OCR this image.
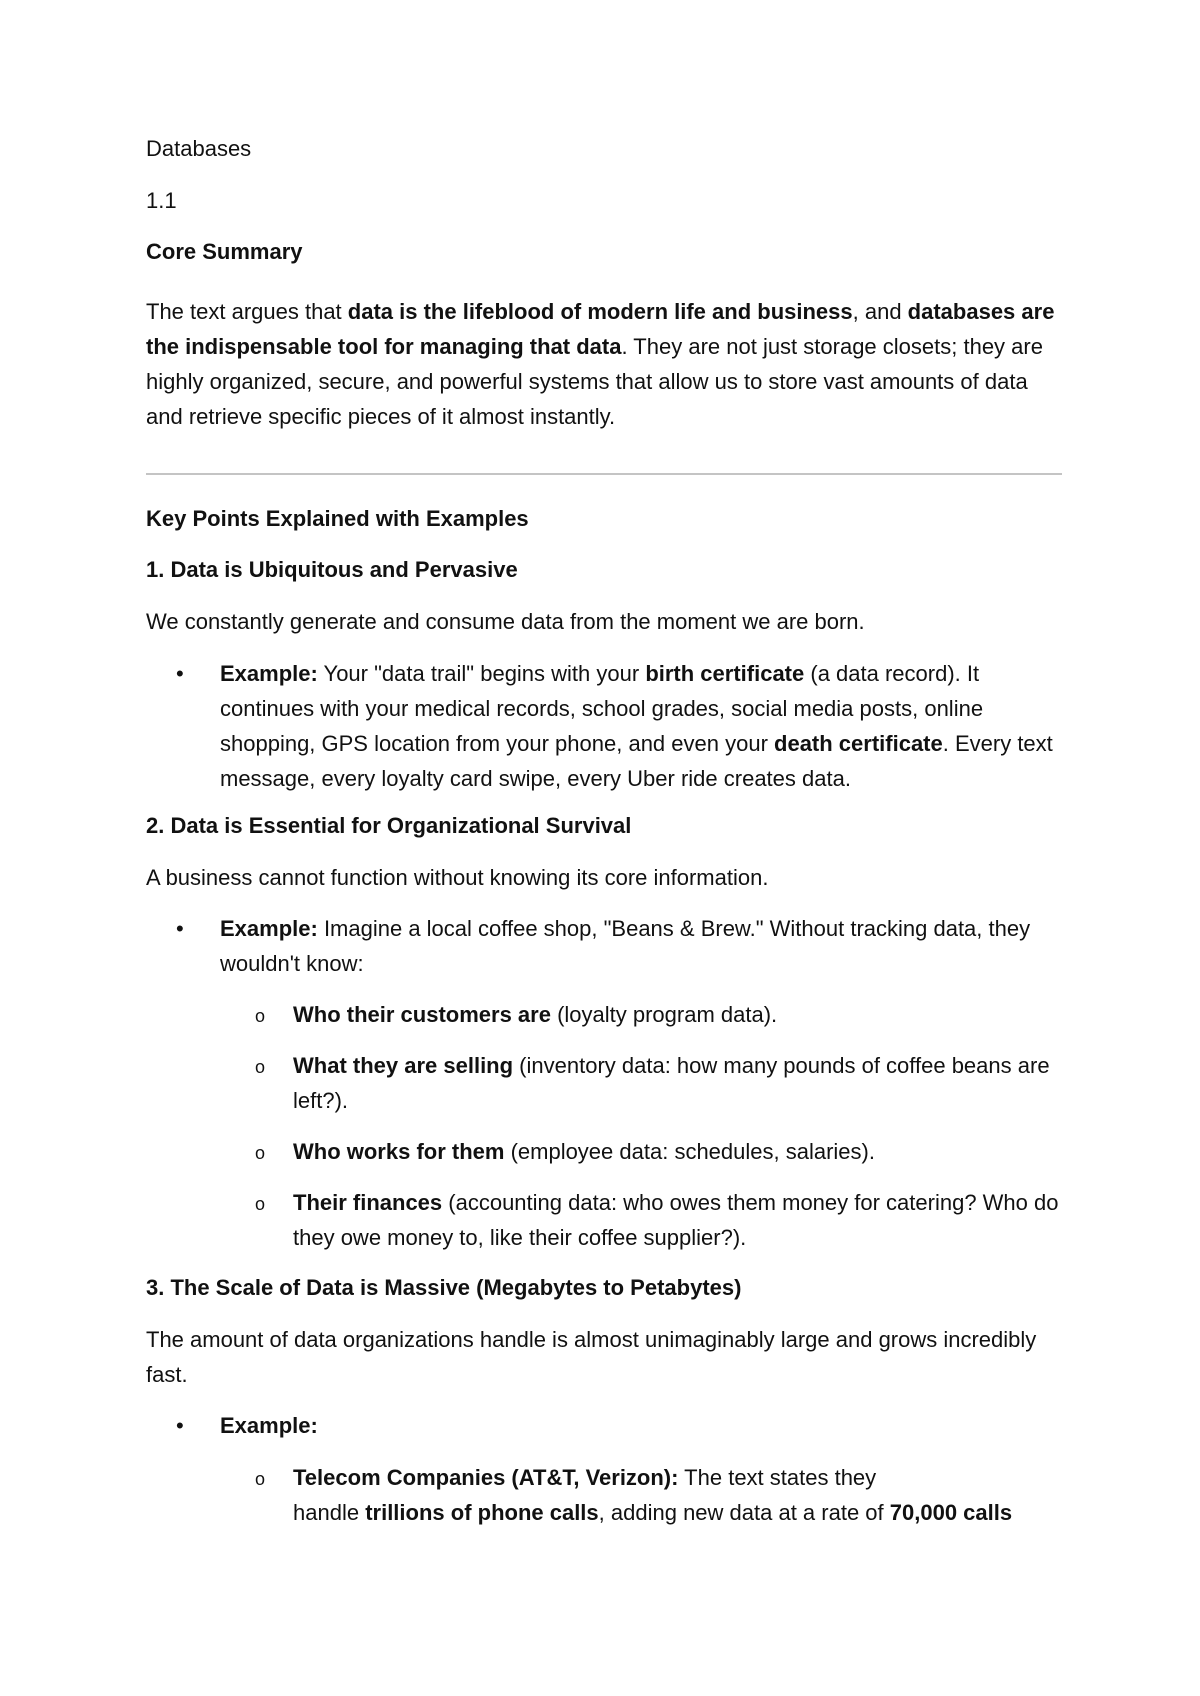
Databases

1.1

Core Summary

The text argues that data is the lifeblood of modern life and business, and databases are the indispensable tool for managing that data. They are not just storage closets; they are highly organized, secure, and powerful systems that allow us to store vast amounts of data and retrieve specific pieces of it almost instantly.

Key Points Explained with Examples

1. Data is Ubiquitous and Pervasive

We constantly generate and consume data from the moment we are born.

• Example: Your "data trail" begins with your birth certificate (a data record). It continues with your medical records, school grades, social media posts, online shopping, GPS location from your phone, and even your death certificate. Every text message, every loyalty card swipe, every Uber ride creates data.

2. Data is Essential for Organizational Survival

A business cannot function without knowing its core information.

• Example: Imagine a local coffee shop, "Beans & Brew." Without tracking data, they wouldn't know:

o Who their customers are (loyalty program data).

o What they are selling (inventory data: how many pounds of coffee beans are left?).

o Who works for them (employee data: schedules, salaries).

o Their finances (accounting data: who owes them money for catering? Who do they owe money to, like their coffee supplier?).

3. The Scale of Data is Massive (Megabytes to Petabytes)

The amount of data organizations handle is almost unimaginably large and grows incredibly fast.

• Example:

o Telecom Companies (AT&T, Verizon): The text states they

handle trillions of phone calls, adding new data at a rate of 70,000 calls
